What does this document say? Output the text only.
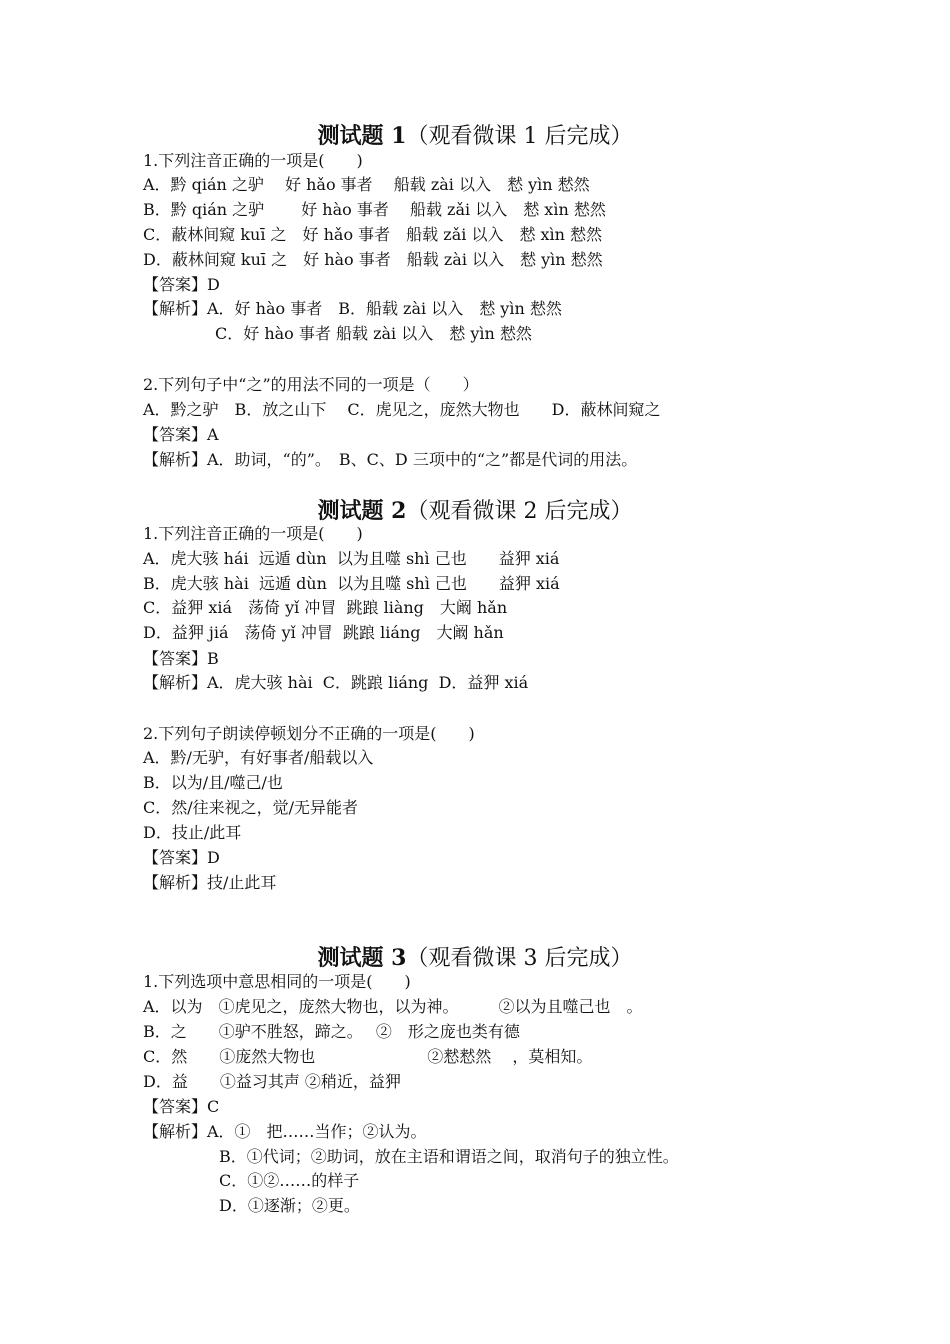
测试题 1（观看微课 1 后完成）
1.下列注音正确的一项是(　　)
A．黔 qián 之驴　 好 hǎo 事者　 船载 zài 以入　慭 yìn 慭然
B．黔 qián 之驴　　 好 hào 事者　 船载 zǎi 以入　慭 xìn 慭然
C．蔽林间窥 kuī 之　好 hǎo 事者　船载 zǎi 以入　慭 xìn 慭然
D．蔽林间窥 kuī 之　好 hào 事者　船载 zài 以入　慭 yìn 慭然
【答案】D
【解析】A．好 hào 事者　B．船载 zài 以入　慭 yìn 慭然
C．好 hào 事者 船载 zài 以入　慭 yìn 慭然
2.下列句子中“之”的用法不同的一项是（　　）
A．黔之驴　B．放之山下　 C．虎见之，庞然大物也　　D．蔽林间窥之
【答案】A
【解析】A．助词，“的”。　B、C、D 三项中的“之”都是代词的用法。
测试题 2（观看微课 2 后完成）
1.下列注音正确的一项是(　　)
A．虎大骇 hái  远遁 dùn  以为且噬 shì 己也　　益狎 xiá
B．虎大骇 hài  远遁 dùn  以为且噬 shì 己也　　益狎 xiá
C．益狎 xiá　荡倚 yǐ 冲冒  跳踉 liàng　大阚 hǎn
D．益狎 jiá　荡倚 yǐ 冲冒  跳踉 liáng　大阚 hǎn
【答案】B
【解析】A．虎大骇 hài  C．跳踉 liáng  D．益狎 xiá
2.下列句子朗读停顿划分不正确的一项是(　　)
A．黔/无驴，有好事者/船载以入
B．以为/且/噬己/也
C．然/往来视之，觉/无异能者
D．技止/此耳
【答案】D
【解析】技/止此耳
测试题 3（观看微课 3 后完成）
1.下列选项中意思相同的一项是(　　)
A．以为　①虎见之，庞然大物也，以为神。　　　②以为且噬己也　。
B．之　　①驴不胜怒，蹄之。　 ②　形之庞也类有德
C．然　　①庞然大物也　　　　　　　②慭慭然　 ，莫相知。
D．益　　①益习其声 ②稍近，益狎
【答案】C
【解析】A．①　把……当作；②认为。
B．①代词；②助词，放在主语和谓语之间，取消句子的独立性。
C．①②……的样子
D．①逐渐；②更。
